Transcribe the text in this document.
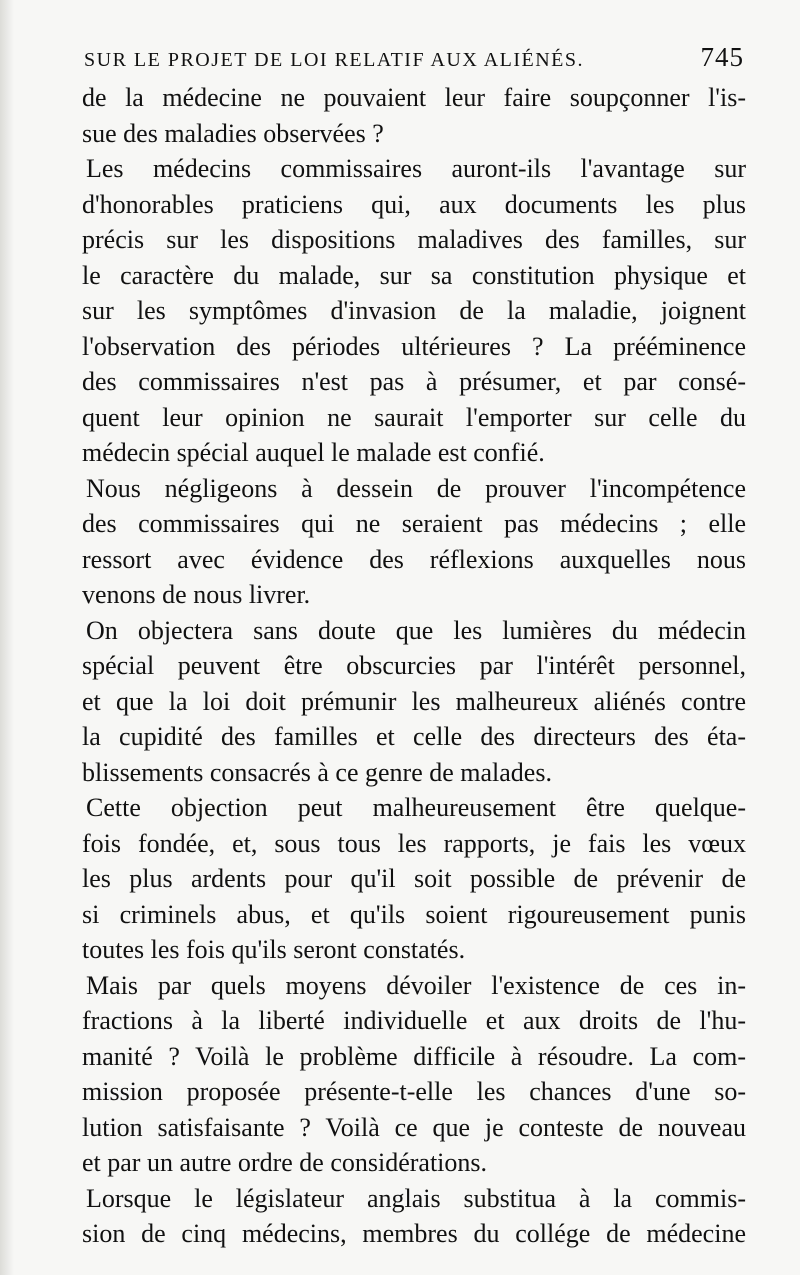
SUR LE PROJET DE LOI RELATIF AUX ALIÉNÉS.	745
de la médecine ne pouvaient leur faire soupçonner l'is-
sue des maladies observées ?
Les médecins commissaires auront-ils l'avantage sur
d'honorables praticiens qui, aux documents les plus
précis sur les dispositions maladives des familles, sur
le caractère du malade, sur sa constitution physique et
sur les symptômes d'invasion de la maladie, joignent
l'observation des périodes ultérieures ? La prééminence
des commissaires n'est pas à présumer, et par consé-
quent leur opinion ne saurait l'emporter sur celle du
médecin spécial auquel le malade est confié.
Nous négligeons à dessein de prouver l'incompétence
des commissaires qui ne seraient pas médecins ; elle
ressort avec évidence des réflexions auxquelles nous
venons de nous livrer.
On objectera sans doute que les lumières du médecin
spécial peuvent être obscurcies par l'intérêt personnel,
et que la loi doit prémunir les malheureux aliénés contre
la cupidité des familles et celle des directeurs des éta-
blissements consacrés à ce genre de malades.
Cette objection peut malheureusement être quelque-
fois fondée, et, sous tous les rapports, je fais les vœux
les plus ardents pour qu'il soit possible de prévenir de
si criminels abus, et qu'ils soient rigoureusement punis
toutes les fois qu'ils seront constatés.
Mais par quels moyens dévoiler l'existence de ces in-
fractions à la liberté individuelle et aux droits de l'hu-
manité ? Voilà le problème difficile à résoudre. La com-
mission proposée présente-t-elle les chances d'une so-
lution satisfaisante ? Voilà ce que je conteste de nouveau
et par un autre ordre de considérations.
Lorsque le législateur anglais substitua à la commis-
sion de cinq médecins, membres du collége de médecine
